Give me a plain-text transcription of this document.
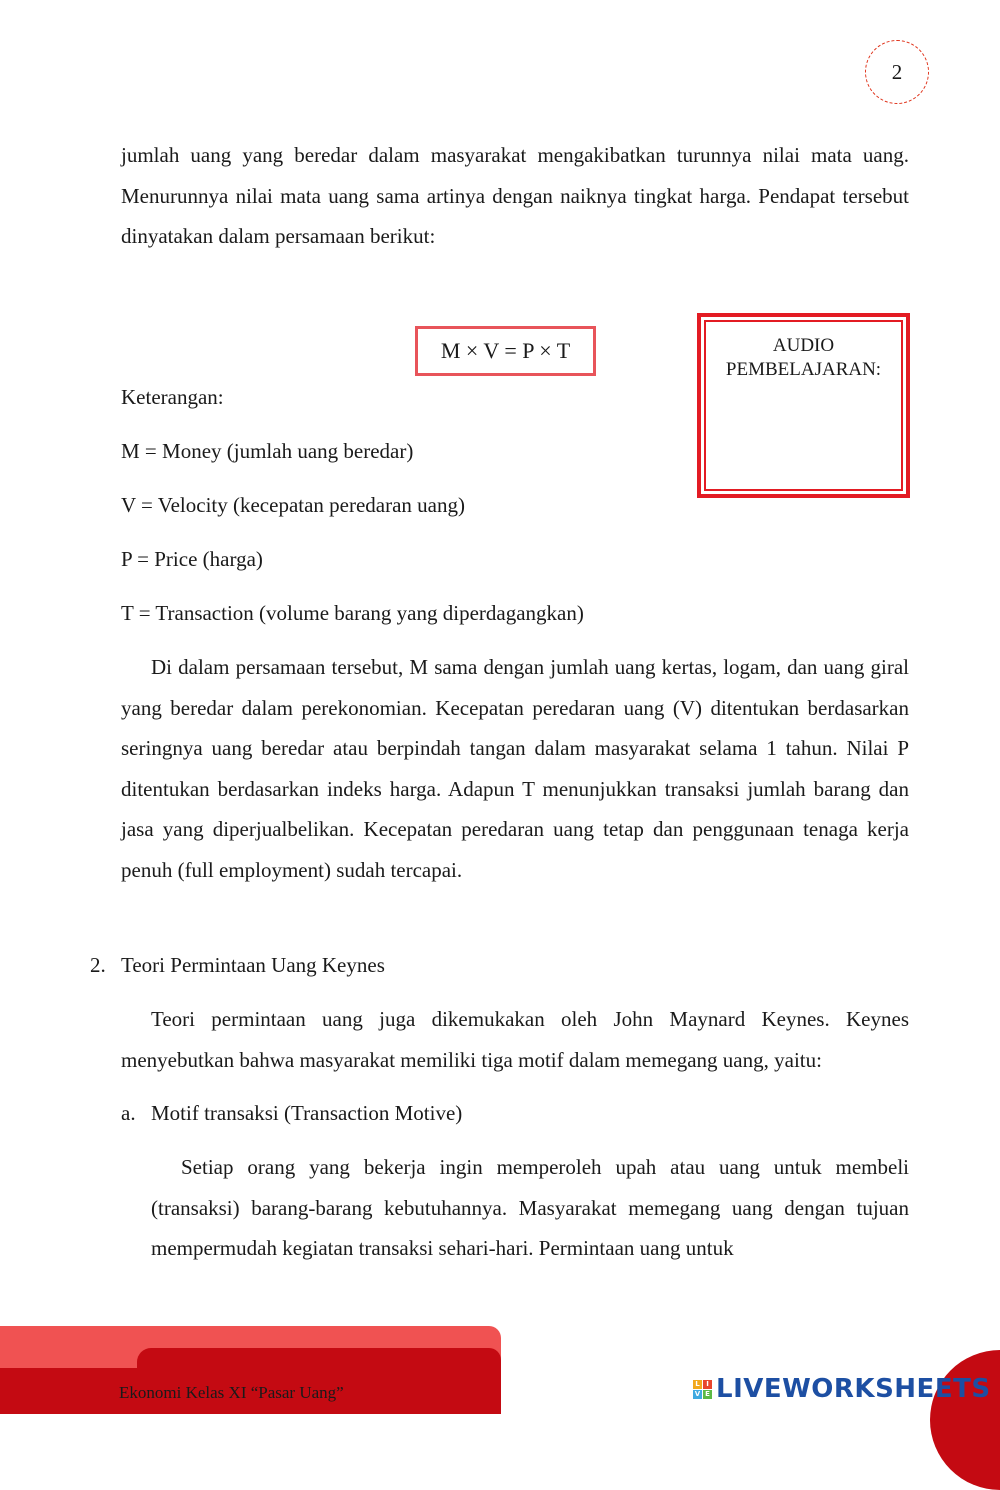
2

jumlah uang yang beredar dalam masyarakat mengakibatkan turunnya nilai mata uang. Menurunnya nilai mata uang sama artinya dengan naiknya tingkat harga. Pendapat tersebut dinyatakan dalam persamaan berikut:

M × V = P × T	AUDIO PEMBELAJARAN:
Keterangan:
M = Money (jumlah uang beredar)
V = Velocity (kecepatan peredaran uang)
P = Price (harga)
T = Transaction (volume barang yang diperdagangkan)

Di dalam persamaan tersebut, M sama dengan jumlah uang kertas, logam, dan uang giral yang beredar dalam perekonomian. Kecepatan peredaran uang (V) ditentukan berdasarkan seringnya uang beredar atau berpindah tangan dalam masyarakat selama 1 tahun. Nilai P ditentukan berdasarkan indeks harga. Adapun T menunjukkan transaksi jumlah barang dan jasa yang diperjualbelikan. Kecepatan peredaran uang tetap dan penggunaan tenaga kerja penuh (full employment) sudah tercapai.

2. Teori Permintaan Uang Keynes

Teori permintaan uang juga dikemukakan oleh John Maynard Keynes. Keynes menyebutkan bahwa masyarakat memiliki tiga motif dalam memegang uang, yaitu:

a. Motif transaksi (Transaction Motive)

Setiap orang yang bekerja ingin memperoleh upah atau uang untuk membeli (transaksi) barang-barang kebutuhannya. Masyarakat memegang uang dengan tujuan mempermudah kegiatan transaksi sehari-hari. Permintaan uang untuk

Ekonomi Kelas XI “Pasar Uang”	L I
V E LIVEWORKSHEETS
